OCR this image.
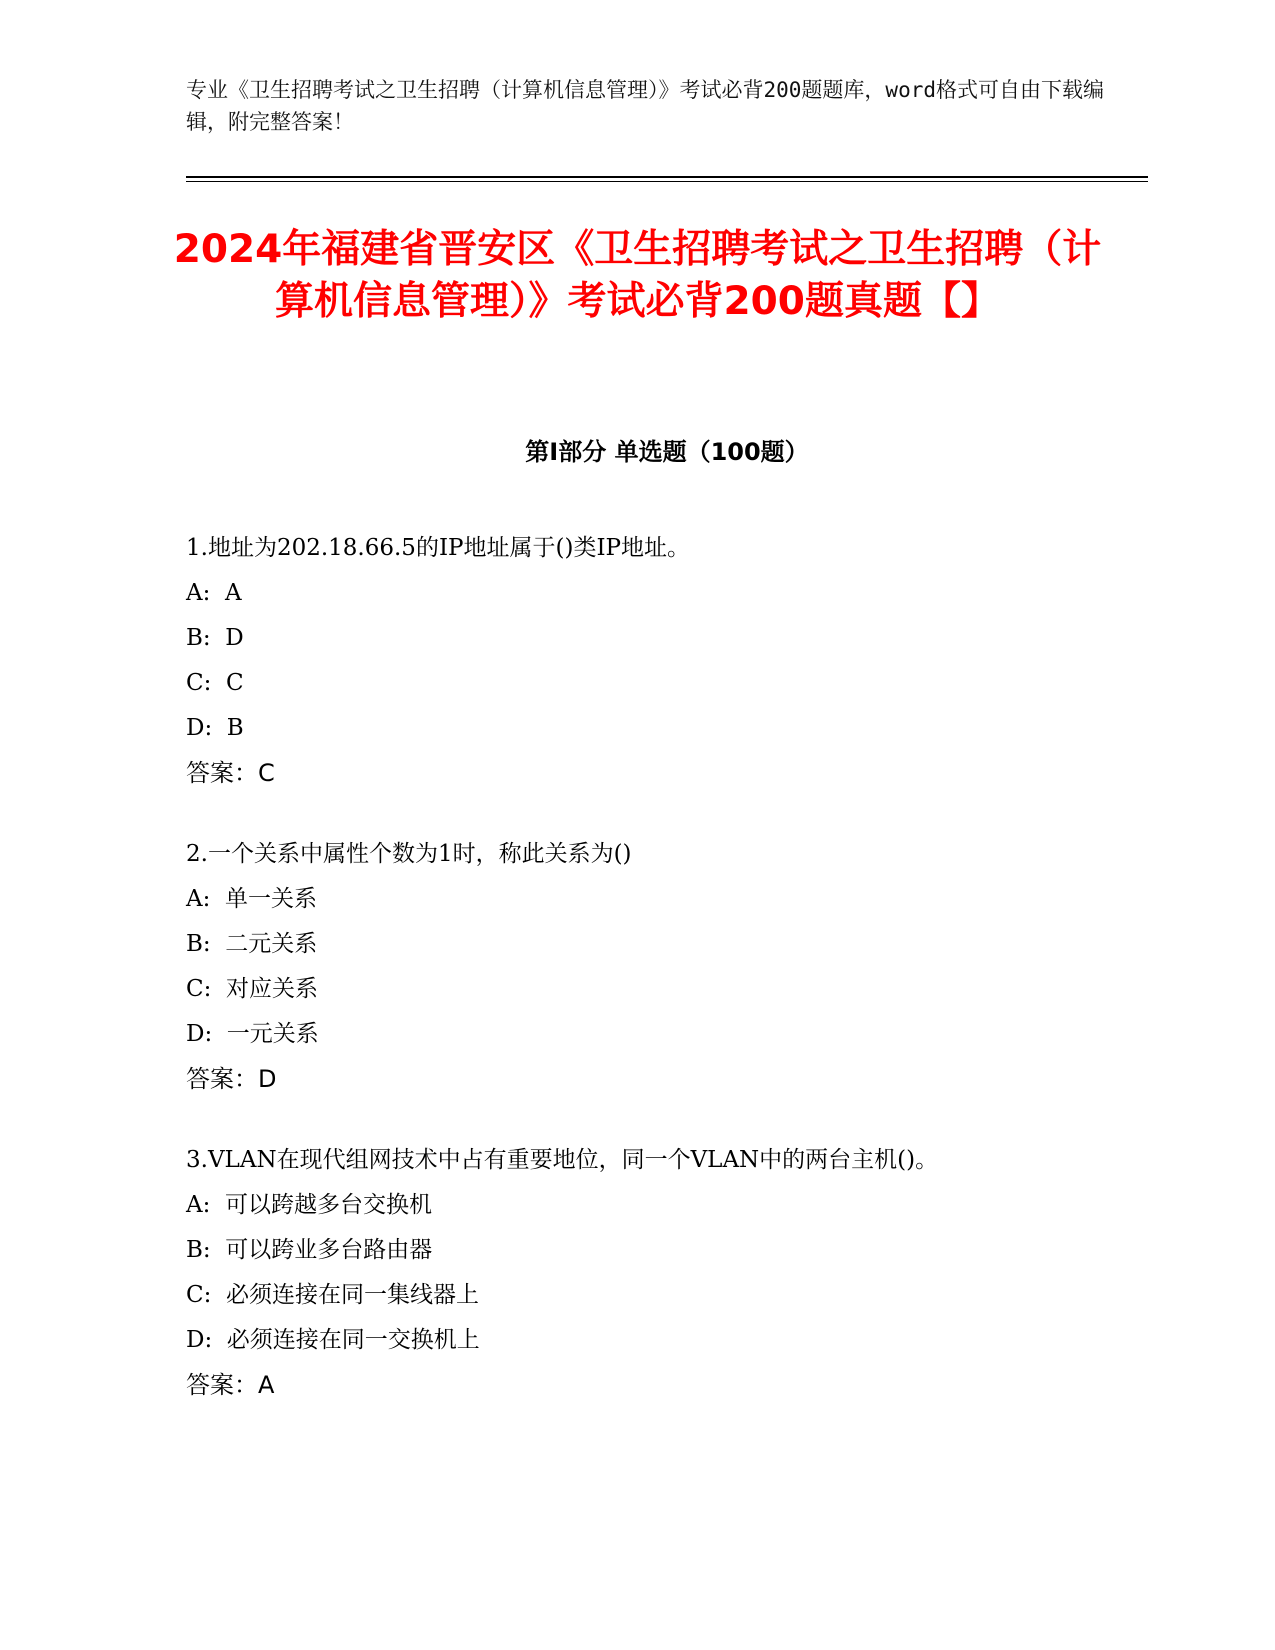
专业《卫生招聘考试之卫生招聘（计算机信息管理）》考试必背200题题库，word格式可自由下载编辑，附完整答案！
2024年福建省晋安区《卫生招聘考试之卫生招聘（计算机信息管理）》考试必背200题真题【】
第Ⅰ部分 单选题（100题）
1.地址为202.18.66.5的IP地址属于()类IP地址。
A:  A
B:  D
C:  C
D:  B
答案：C
2.一个关系中属性个数为1时，称此关系为()
A:  单一关系
B:  二元关系
C:  对应关系
D:  一元关系
答案：D
3.VLAN在现代组网技术中占有重要地位，同一个VLAN中的两台主机()。
A:  可以跨越多台交换机
B:  可以跨业多台路由器
C:  必须连接在同一集线器上
D:  必须连接在同一交换机上
答案：A
